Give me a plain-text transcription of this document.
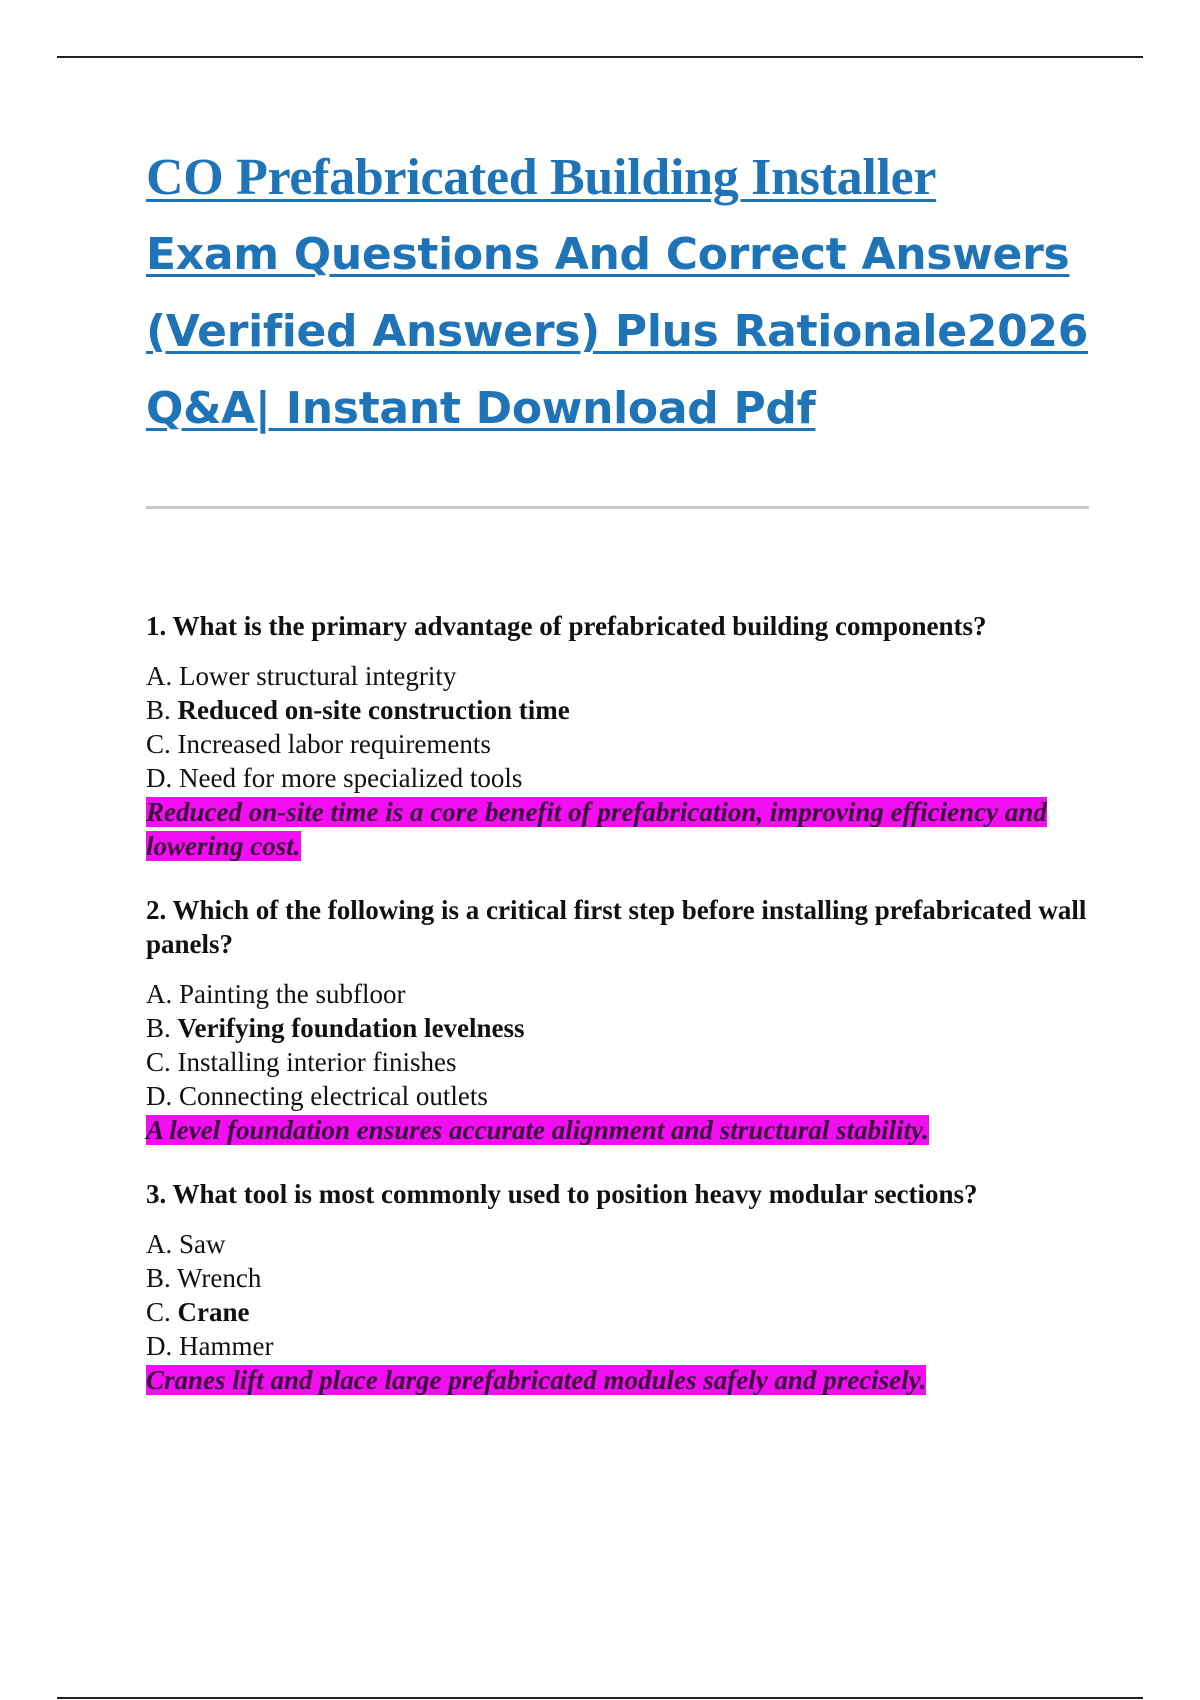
CO Prefabricated Building Installer
Exam Questions And Correct Answers
(Verified Answers) Plus Rationale2026
Q&A| Instant Download Pdf

1. What is the primary advantage of prefabricated building components?

A. Lower structural integrity
B. Reduced on-site construction time
C. Increased labor requirements
D. Need for more specialized tools

Reduced on-site time is a core benefit of prefabrication, improving efficiency and lowering cost.

2. Which of the following is a critical first step before installing prefabricated wall panels?

A. Painting the subfloor
B. Verifying foundation levelness
C. Installing interior finishes
D. Connecting electrical outlets

A level foundation ensures accurate alignment and structural stability.

3. What tool is most commonly used to position heavy modular sections?

A. Saw
B. Wrench
C. Crane
D. Hammer

Cranes lift and place large prefabricated modules safely and precisely.
